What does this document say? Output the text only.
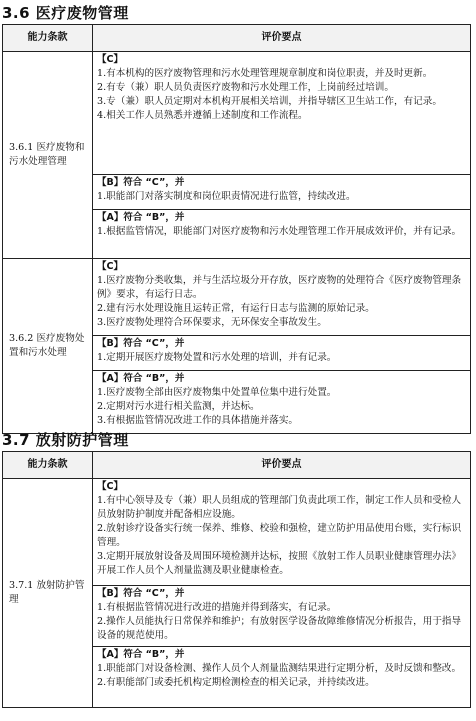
3.6 医疗废物管理
能力条款	评价要点
3.6.1 医疗废物和污水处理管理	【C】
1.有本机构的医疗废物管理和污水处理管理规章制度和岗位职责，并及时更新。
2.有专（兼）职人员负责医疗废物和污水处理工作，上岗前经过培训。
3.专（兼）职人员定期对本机构开展相关培训，并指导辖区卫生站工作，有记录。
4.相关工作人员熟悉并遵循上述制度和工作流程。

	【B】符合 “C”，并
1.职能部门对落实制度和岗位职责情况进行监管，持续改进。

	【A】符合 “B”，并
1.根据监管情况，职能部门对医疗废物和污水处理管理工作开展成效评价，并有记录。

3.6.2 医疗废物处置和污水处理	【C】
1.医疗废物分类收集，并与生活垃圾分开存放，医疗废物的处理符合《医疗废物管理条例》要求，有运行日志。
2.建有污水处理设施且运转正常，有运行日志与监测的原始记录。
3.医疗废物处理符合环保要求，无环保安全事故发生。

	【B】符合 “C”，并
1.定期开展医疗废物处置和污水处理的培训，并有记录。

	【A】符合 “B”，并
1.医疗废物全部由医疗废物集中处置单位集中进行处置。
2.定期对污水进行相关监测，并达标。
3.有根据监管情况改进工作的具体措施并落实。
3.7 放射防护管理
能力条款	评价要点
3.7.1 放射防护管理	【C】
1.有中心领导及专（兼）职人员组成的管理部门负责此项工作，制定工作人员和受检人员放射防护制度并配备相应设施。
2.放射诊疗设备实行统一保养、维修、校验和强检，建立防护用品使用台账，实行标识管理。
3.定期开展放射设备及周围环境检测并达标，按照《放射工作人员职业健康管理办法》开展工作人员个人剂量监测及职业健康检查。

	【B】符合 “C”，并
1.有根据监管情况进行改进的措施并得到落实，有记录。
2.操作人员能执行日常保养和维护；有放射医学设备故障维修情况分析报告，用于指导设备的规范使用。

	【A】符合 “B”，并
1.职能部门对设备检测、操作人员个人剂量监测结果进行定期分析，及时反馈和整改。
2.有职能部门或委托机构定期检测检查的相关记录，并持续改进。
